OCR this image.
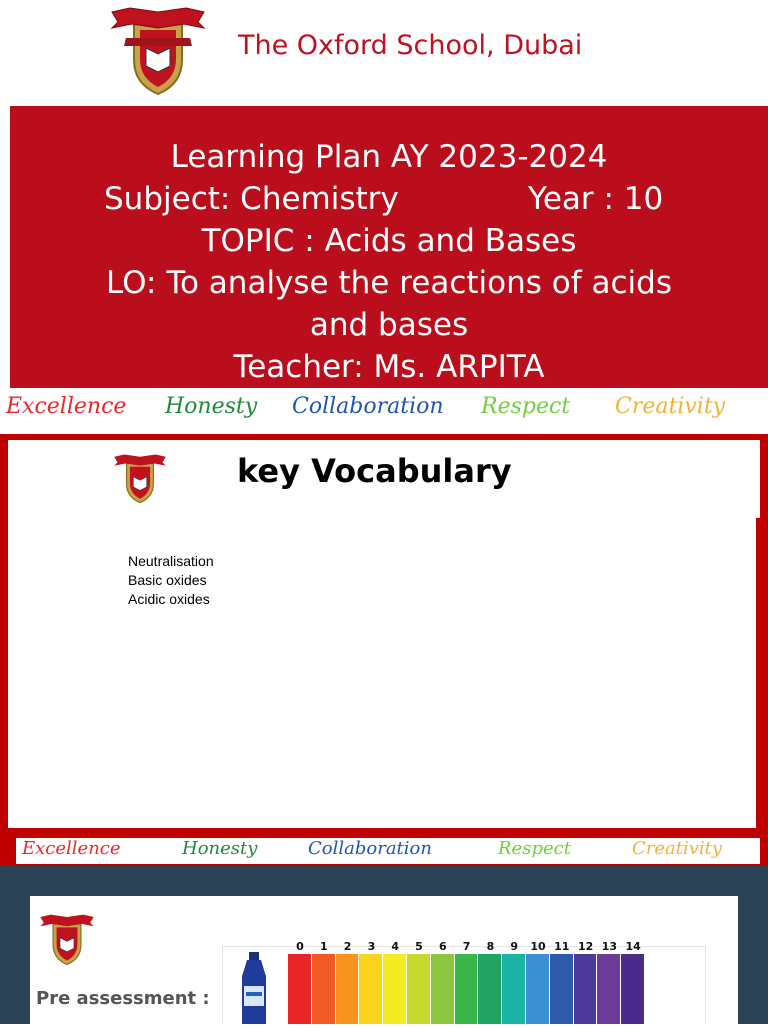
The Oxford School, Dubai
Learning Plan AY 2023-2024
Subject: Chemistry	Year : 10
TOPIC : Acids and Bases
LO: To analyse the reactions of acids
and bases
Teacher: Ms. ARPITA
Excellence Honesty Collaboration Respect Creativity
key Vocabulary
Neutralisation
Basic oxides
Acidic oxides
Excellence	Honesty	Collaboration	Respect	Creativity
Pre assessment :
0	1	2	3	4	5	6	7	8	9	10 11 12 13 14
